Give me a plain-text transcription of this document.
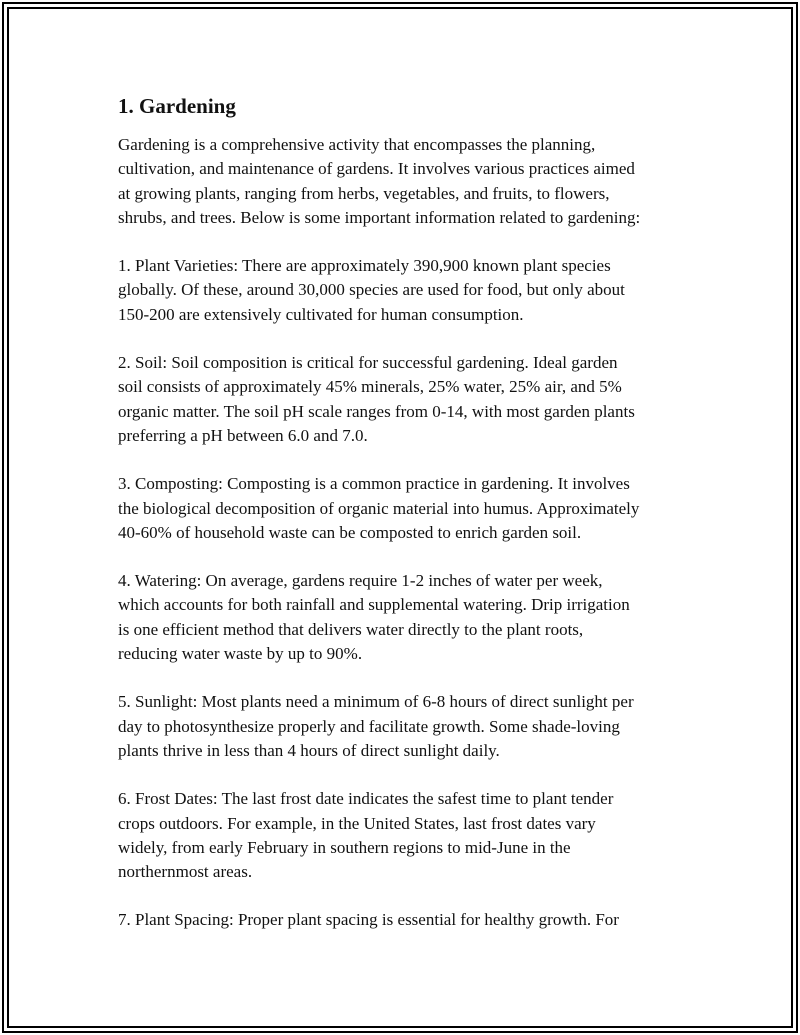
1. Gardening

Gardening is a comprehensive activity that encompasses the planning,
cultivation, and maintenance of gardens. It involves various practices aimed
at growing plants, ranging from herbs, vegetables, and fruits, to flowers,
shrubs, and trees. Below is some important information related to gardening:

1. Plant Varieties: There are approximately 390,900 known plant species
globally. Of these, around 30,000 species are used for food, but only about
150-200 are extensively cultivated for human consumption.

2. Soil: Soil composition is critical for successful gardening. Ideal garden
soil consists of approximately 45% minerals, 25% water, 25% air, and 5%
organic matter. The soil pH scale ranges from 0-14, with most garden plants
preferring a pH between 6.0 and 7.0.

3. Composting: Composting is a common practice in gardening. It involves
the biological decomposition of organic material into humus. Approximately
40-60% of household waste can be composted to enrich garden soil.

4. Watering: On average, gardens require 1-2 inches of water per week,
which accounts for both rainfall and supplemental watering. Drip irrigation
is one efficient method that delivers water directly to the plant roots,
reducing water waste by up to 90%.

5. Sunlight: Most plants need a minimum of 6-8 hours of direct sunlight per
day to photosynthesize properly and facilitate growth. Some shade-loving
plants thrive in less than 4 hours of direct sunlight daily.

6. Frost Dates: The last frost date indicates the safest time to plant tender
crops outdoors. For example, in the United States, last frost dates vary
widely, from early February in southern regions to mid-June in the
northernmost areas.

7. Plant Spacing: Proper plant spacing is essential for healthy growth. For
